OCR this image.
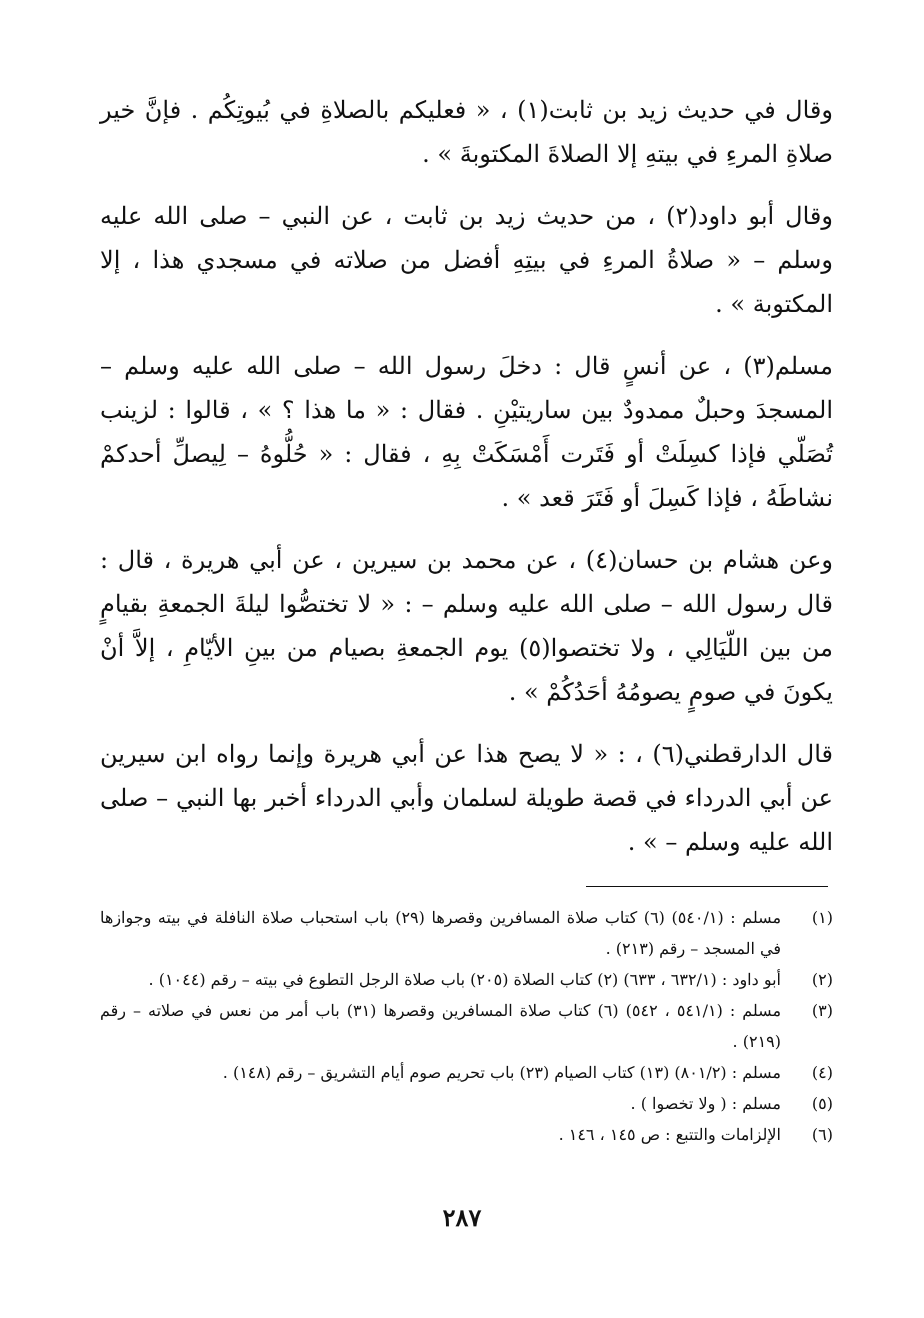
وقال في حديث زيد بن ثابت(١) ، « فعليكم بالصلاةِ في بُيوتِكُم . فإنَّ خير صلاةِ المرءِ في بيتهِ إلا الصلاةَ المكتوبةَ » .

وقال أبو داود(٢) ، من حديث زيد بن ثابت ، عن النبي – صلى الله عليه وسلم – « صلاةُ المرءِ في بيتِهِ أفضل من صلاته في مسجدي هذا ، إلا المكتوبة » .

مسلم(٣) ، عن أنسٍ قال : دخلَ رسول الله – صلى الله عليه وسلم – المسجدَ وحبلٌ ممدودٌ بين ساريتيْنِ . فقال : « ما هذا ؟ » ، قالوا : لزينب تُصَلّي فإذا كسِلَتْ أو فَتَرت أَمْسَكَتْ بِهِ ، فقال : « حُلُّوهُ – لِيصلِّ أحدكمْ نشاطَهُ ، فإذا كَسِلَ أو فَتَرَ قعد » .

وعن هشام بن حسان(٤) ، عن محمد بن سيرين ، عن أبي هريرة ، قال : قال رسول الله – صلى الله عليه وسلم – : « لا تختصُّوا ليلةَ الجمعةِ بقيامٍ من بين اللّيَالِي ، ولا تختصوا(٥) يوم الجمعةِ بصيام من بينِ الأيّامِ ، إلاَّ أنْ يكونَ في صومٍ يصومُهُ أحَدُكُمْ » .

قال الدارقطني(٦) ، : « لا يصح هذا عن أبي هريرة وإنما رواه ابن سيرين عن أبي الدرداء في قصة طويلة لسلمان وأبي الدرداء أخبر بها النبي – صلى الله عليه وسلم – » .

(١)
مسلم : (٥٤٠/١) (٦) كتاب صلاة المسافرين وقصرها (٢٩) باب استحباب صلاة النافلة في بيته وجوازها في المسجد – رقم (٢١٣) .
(٢)
أبو داود : (٦٣٢/١ ، ٦٣٣) (٢) كتاب الصلاة (٢٠٥) باب صلاة الرجل التطوع في بيته – رقم (١٠٤٤) .
(٣)
مسلم : (٥٤١/١ ، ٥٤٢) (٦) كتاب صلاة المسافرين وقصرها (٣١) باب أمر من نعس في صلاته – رقم (٢١٩) .
(٤)
مسلم : (٨٠١/٢) (١٣) كتاب الصيام (٢٣) باب تحريم صوم أيام التشريق – رقم (١٤٨) .
(٥)
مسلم : ( ولا تخصوا ) .
(٦)
الإلزامات والتتبع : ص ١٤٥ ، ١٤٦ .
٢٨٧
